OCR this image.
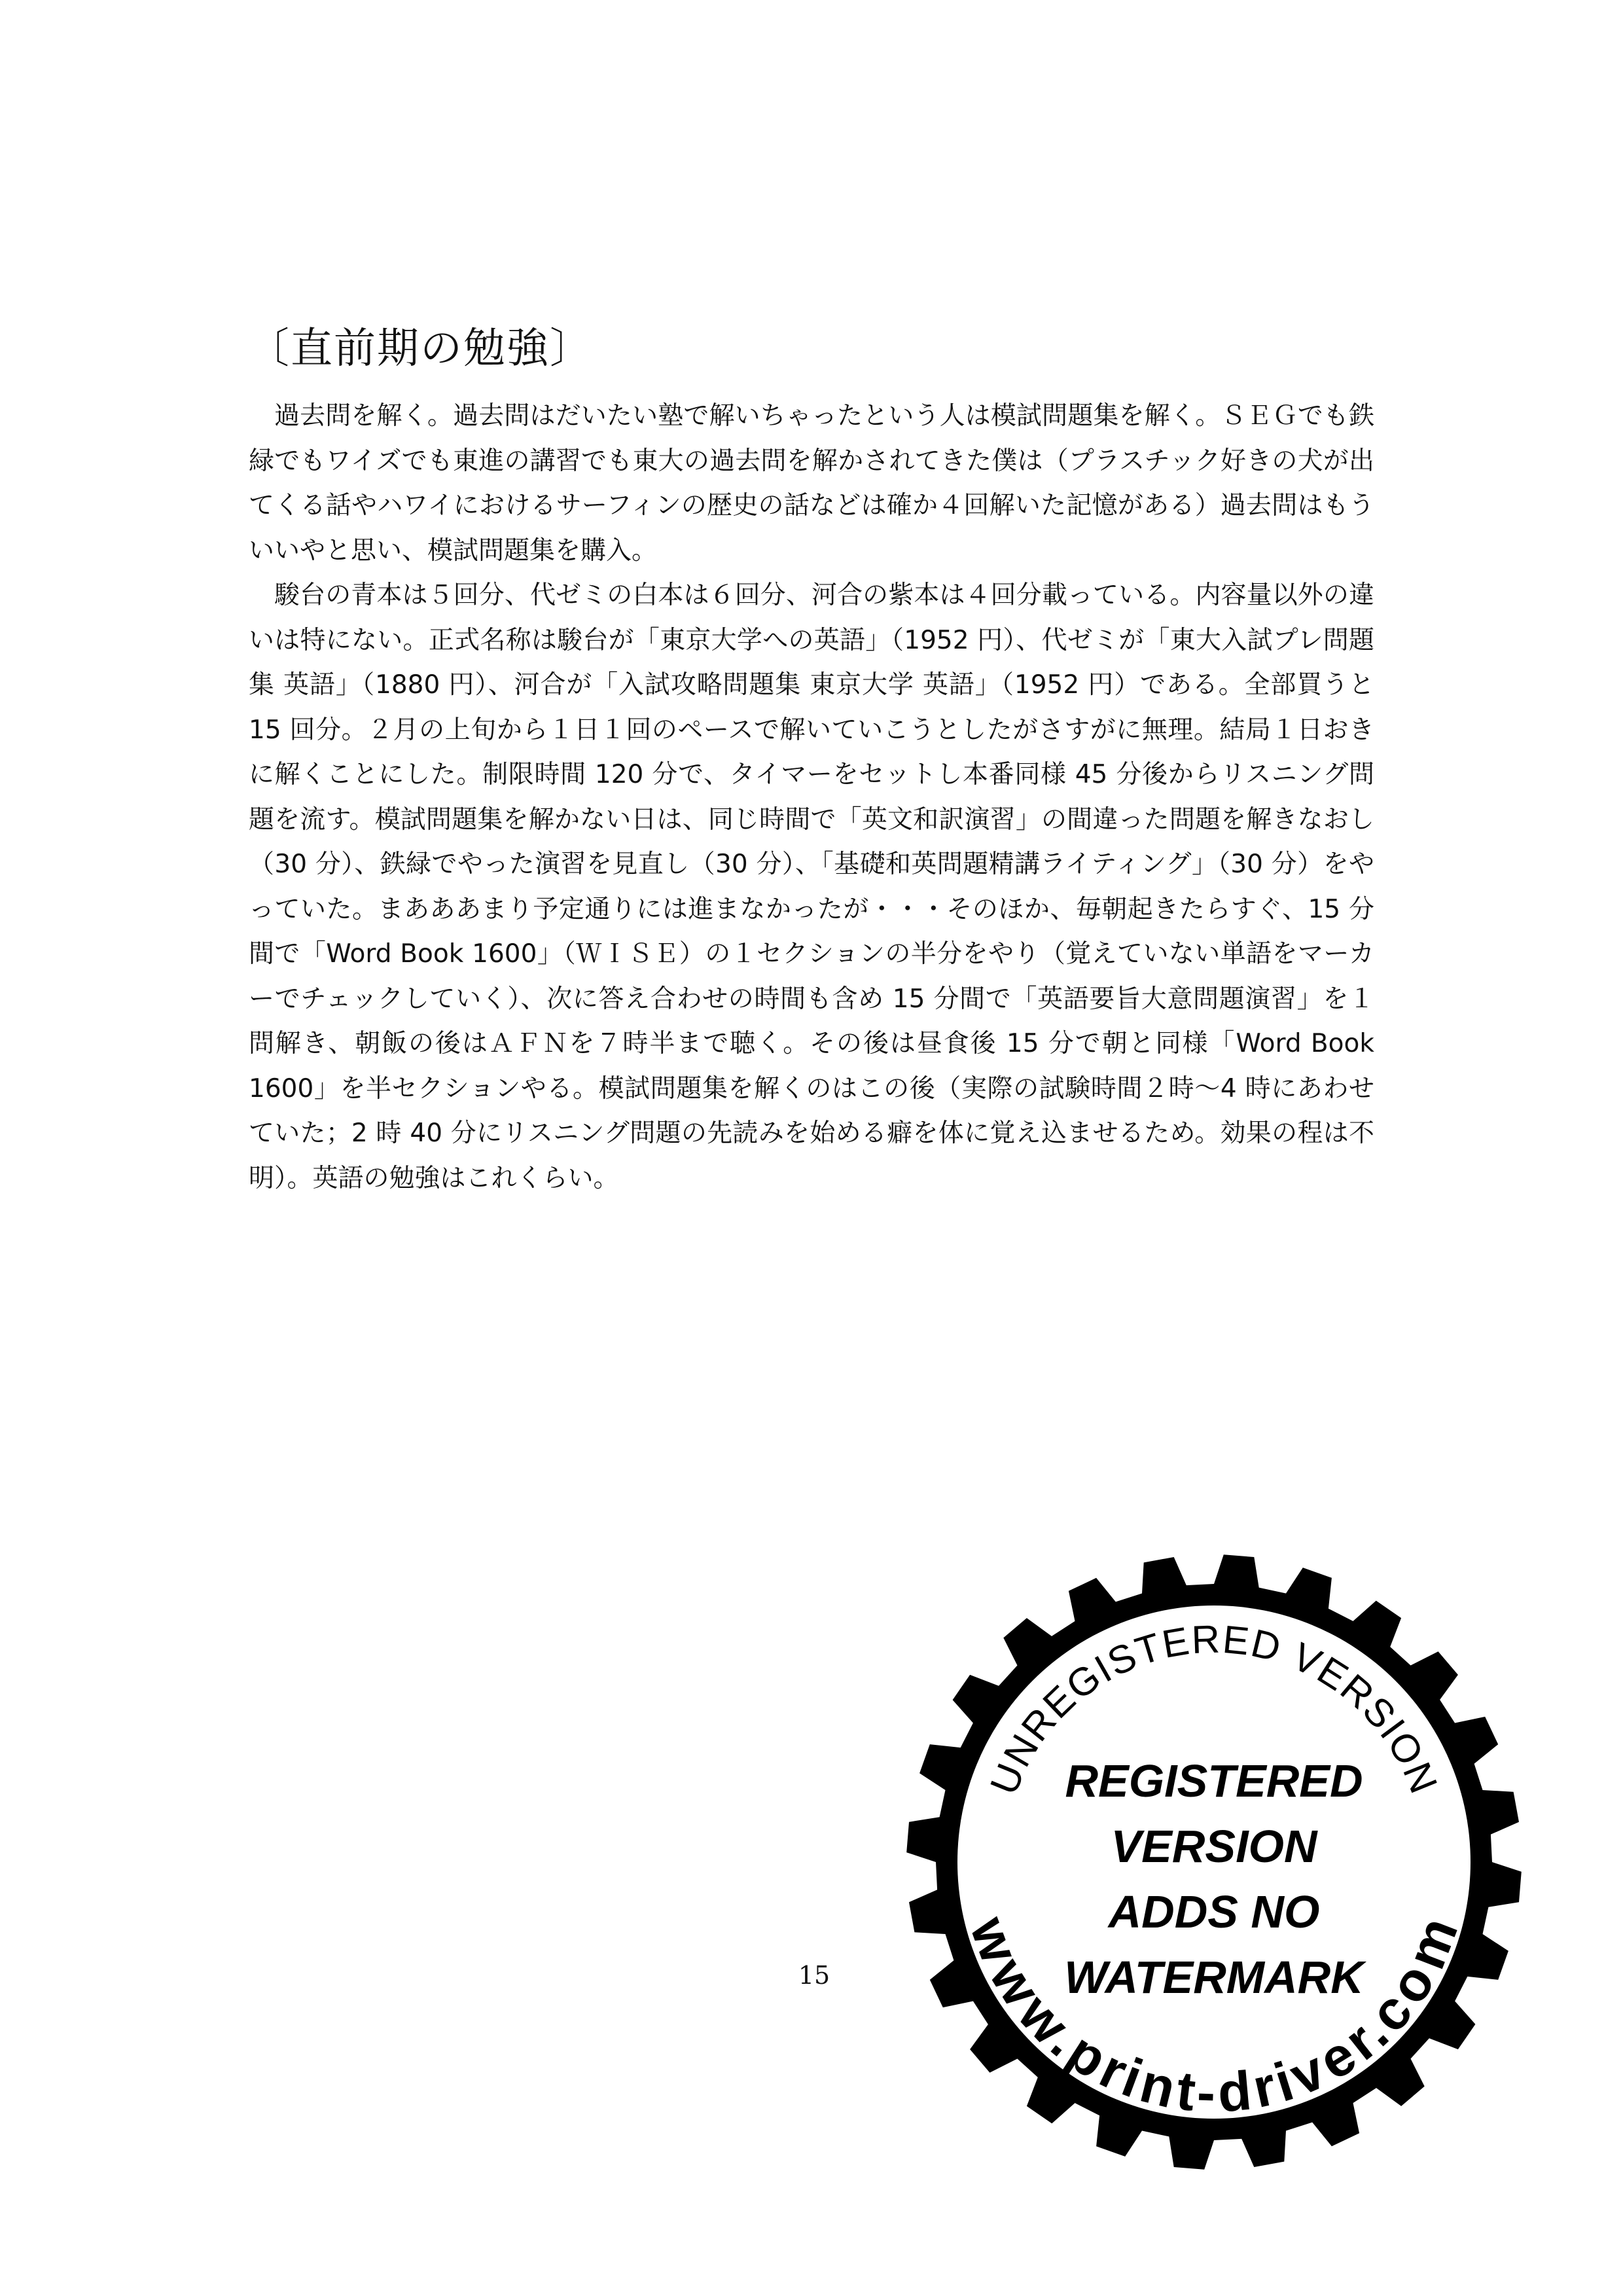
〔直前期の勉強〕

過去問を解く。過去問はだいたい塾で解いちゃったという人は模試問題集を解く。ＳＥＧでも鉄緑でもワイズでも東進の講習でも東大の過去問を解かされてきた僕は（プラスチック好きの犬が出てくる話やハワイにおけるサーフィンの歴史の話などは確か４回解いた記憶がある）過去問はもういいやと思い、模試問題集を購入。

駿台の青本は５回分、代ゼミの白本は６回分、河合の紫本は４回分載っている。内容量以外の違いは特にない。正式名称は駿台が「東京大学への英語」（1952 円）、代ゼミが「東大入試プレ問題集 英語」（1880 円）、河合が「入試攻略問題集 東京大学 英語」（1952 円）である。全部買うと 15 回分。２月の上旬から１日１回のペースで解いていこうとしたがさすがに無理。結局１日おきに解くことにした。制限時間 120 分で、タイマーをセットし本番同様 45 分後からリスニング問題を流す。模試問題集を解かない日は、同じ時間で「英文和訳演習」の間違った問題を解きなおし（30 分）、鉄緑でやった演習を見直し（30 分）、「基礎和英問題精講ライティング」（30 分）をやっていた。まあああまり予定通りには進まなかったが・・・そのほか、毎朝起きたらすぐ、15 分間で「Word Book 1600」（ＷＩＳＥ）の１セクションの半分をやり（覚えていない単語をマーカーでチェックしていく）、次に答え合わせの時間も含め 15 分間で「英語要旨大意問題演習」を１問解き、朝飯の後はＡＦＮを７時半まで聴く。その後は昼食後 15 分で朝と同様「Word Book 1600」を半セクションやる。模試問題集を解くのはこの後（実際の試験時間２時～4 時にあわせていた；2 時 40 分にリスニング問題の先読みを始める癖を体に覚え込ませるため。効果の程は不明）。英語の勉強はこれくらい。

15
UNREGISTERED VERSION
REGISTERED
VERSION
ADDS NO
WATERMARK
www.print-driver.com
